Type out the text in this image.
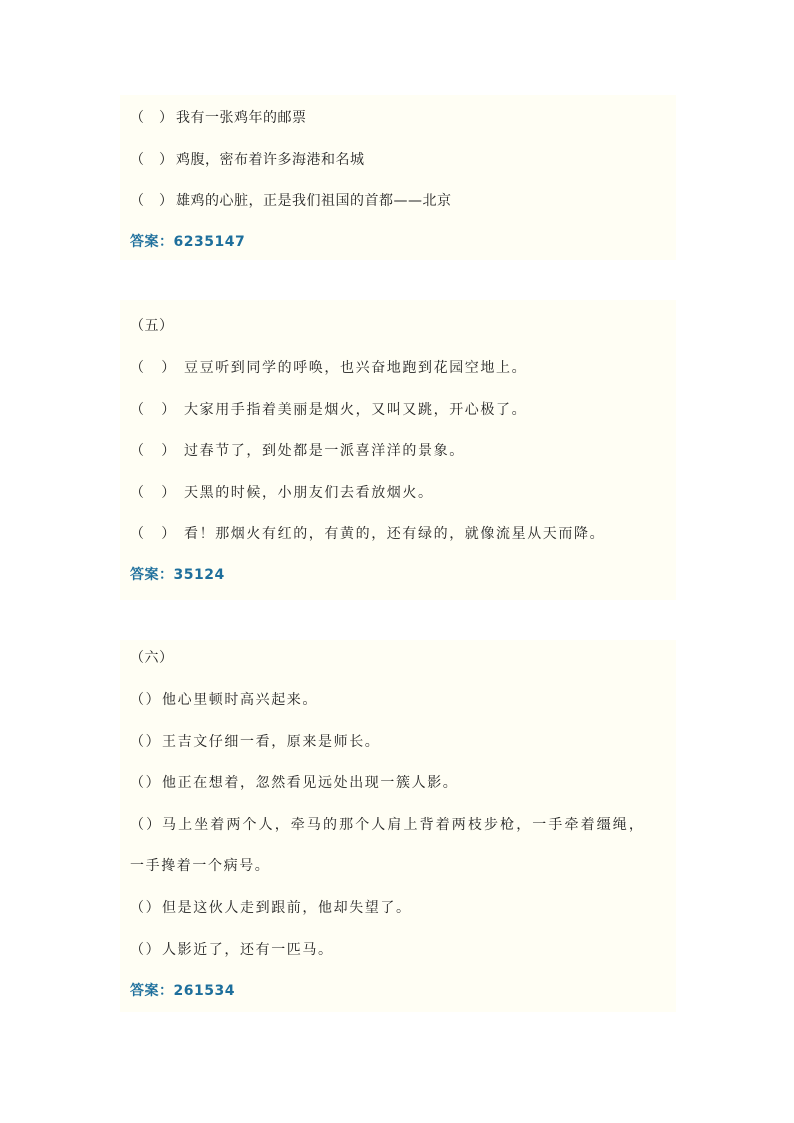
（　） 我有一张鸡年的邮票
（　） 鸡腹，密布着许多海港和名城
（　） 雄鸡的心脏，正是我们祖国的首都——北京
答案：6235147
（五）
（　） 豆豆听到同学的呼唤，也兴奋地跑到花园空地上。
（　） 大家用手指着美丽是烟火，又叫又跳，开心极了。
（　） 过春节了，到处都是一派喜洋洋的景象。
（　） 天黑的时候，小朋友们去看放烟火。
（　） 看！那烟火有红的，有黄的，还有绿的，就像流星从天而降。
答案：35124
（六）
（）他心里顿时高兴起来。
（）王吉文仔细一看，原来是师长。
（）他正在想着，忽然看见远处出现一簇人影。
（）马上坐着两个人，牵马的那个人肩上背着两枝步枪，一手牵着缰绳，
一手搀着一个病号。
（）但是这伙人走到跟前，他却失望了。
（）人影近了，还有一匹马。
答案：261534
